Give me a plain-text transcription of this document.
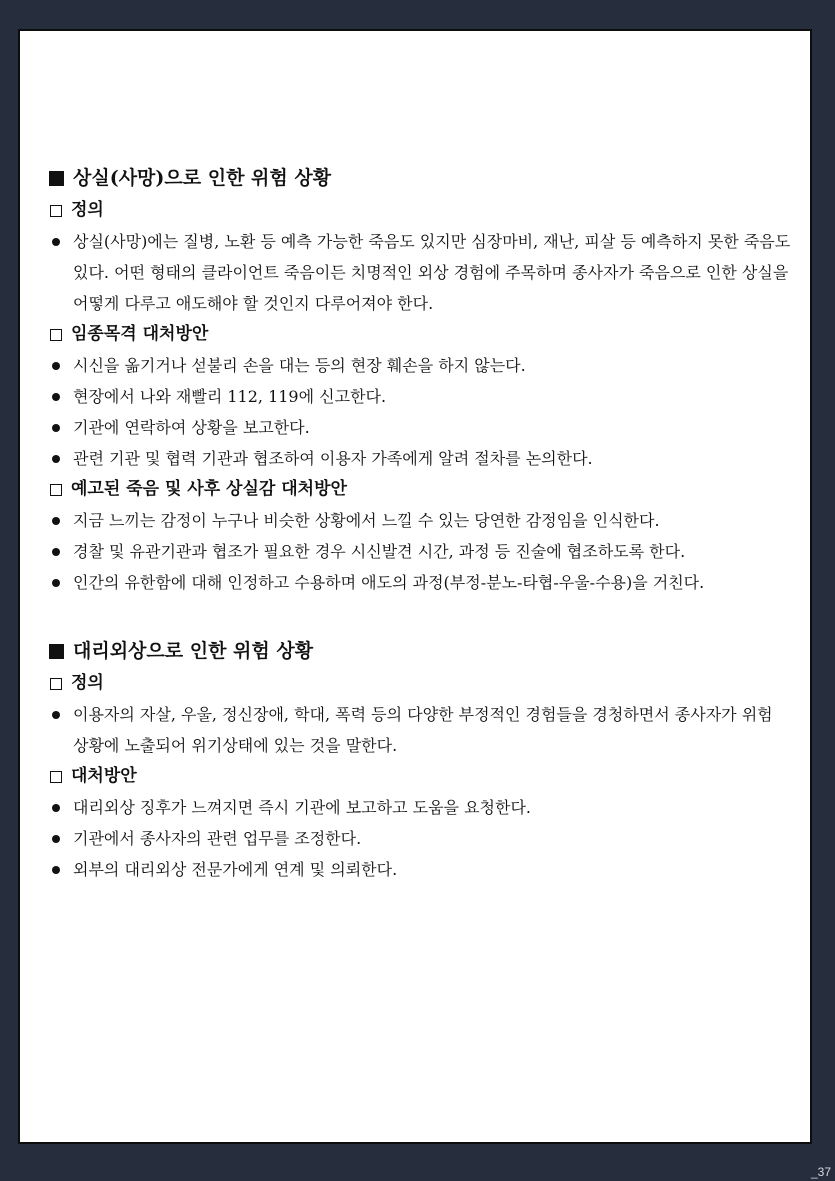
상실(사망)으로 인한 위험 상황
정의
상실(사망)에는 질병, 노환 등 예측 가능한 죽음도 있지만 심장마비, 재난, 피살 등 예측하지 못한 죽음도 있다. 어떤 형태의 클라이언트 죽음이든 치명적인 외상 경험에 주목하며 종사자가 죽음으로 인한 상실을 어떻게 다루고 애도해야 할 것인지 다루어져야 한다.
임종목격 대처방안
시신을 옮기거나 섣불리 손을 대는 등의 현장 훼손을 하지 않는다.
현장에서 나와 재빨리 112, 119에 신고한다.
기관에 연락하여 상황을 보고한다.
관련 기관 및 협력 기관과 협조하여 이용자 가족에게 알려 절차를 논의한다.
예고된 죽음 및 사후 상실감 대처방안
지금 느끼는 감정이 누구나 비슷한 상황에서 느낄 수 있는 당연한 감정임을 인식한다.
경찰 및 유관기관과 협조가 필요한 경우 시신발견 시간, 과정 등 진술에 협조하도록 한다.
인간의 유한함에 대해 인정하고 수용하며 애도의 과정(부정-분노-타협-우울-수용)을 거친다.
대리외상으로 인한 위험 상황
정의
이용자의 자살, 우울, 정신장애, 학대, 폭력 등의 다양한 부정적인 경험들을 경청하면서 종사자가 위험 상황에 노출되어 위기상태에 있는 것을 말한다.
대처방안
대리외상 징후가 느껴지면 즉시 기관에 보고하고 도움을 요청한다.
기관에서 종사자의 관련 업무를 조정한다.
외부의 대리외상 전문가에게 연계 및 의뢰한다.
_37
